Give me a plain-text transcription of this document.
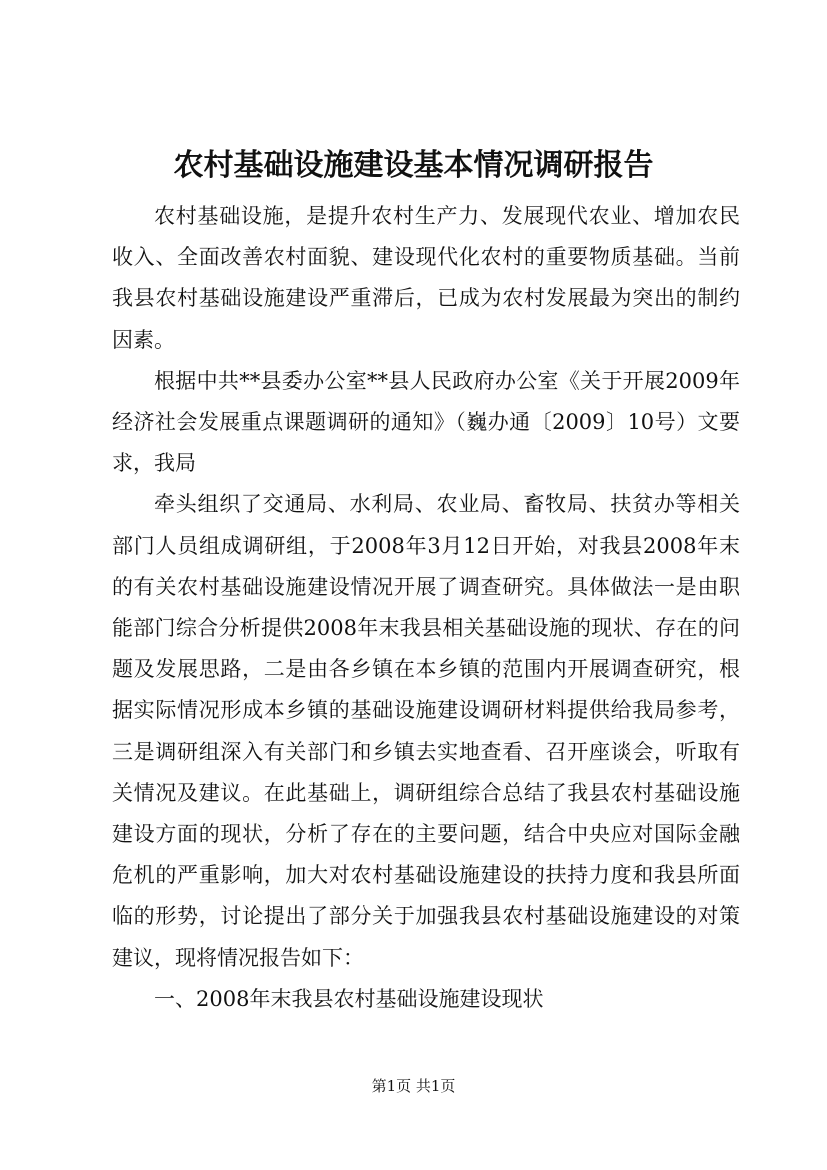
农村基础设施建设基本情况调研报告

农村基础设施，是提升农村生产力、发展现代农业、增加农民收入、全面改善农村面貌、建设现代化农村的重要物质基础。当前我县农村基础设施建设严重滞后，已成为农村发展最为突出的制约因素。

根据中共**县委办公室**县人民政府办公室《关于开展2009年经济社会发展重点课题调研的通知》（巍办通〔2009〕10号）文要求，我局

牵头组织了交通局、水利局、农业局、畜牧局、扶贫办等相关部门人员组成调研组，于2008年3月12日开始，对我县2008年末的有关农村基础设施建设情况开展了调查研究。具体做法一是由职能部门综合分析提供2008年末我县相关基础设施的现状、存在的问题及发展思路，二是由各乡镇在本乡镇的范围内开展调查研究，根据实际情况形成本乡镇的基础设施建设调研材料提供给我局参考，三是调研组深入有关部门和乡镇去实地查看、召开座谈会，听取有关情况及建议。在此基础上，调研组综合总结了我县农村基础设施建设方面的现状，分析了存在的主要问题，结合中央应对国际金融危机的严重影响，加大对农村基础设施建设的扶持力度和我县所面临的形势，讨论提出了部分关于加强我县农村基础设施建设的对策建议，现将情况报告如下：

一、2008年末我县农村基础设施建设现状

第1页 共1页
